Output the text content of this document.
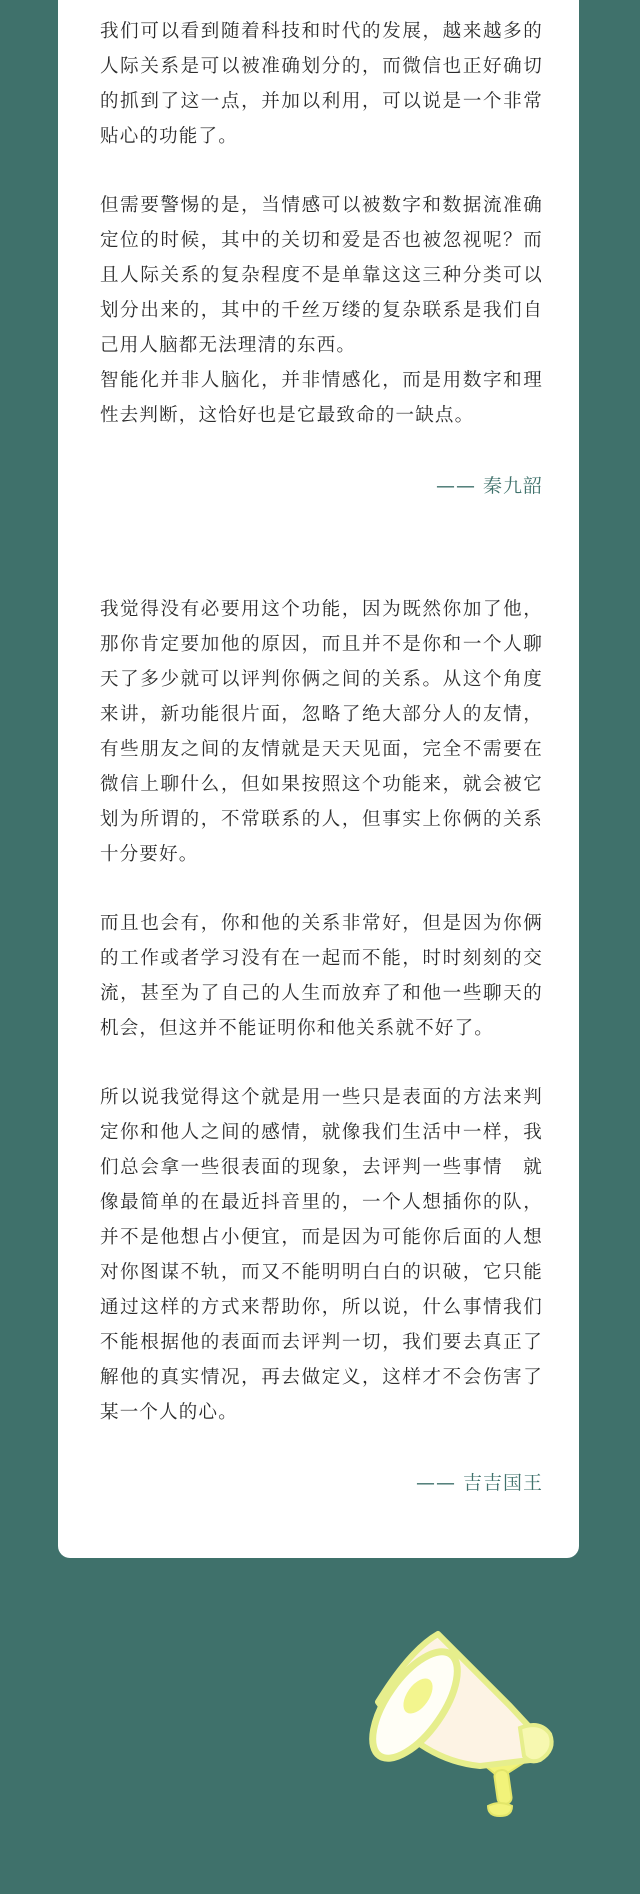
我们可以看到随着科技和时代的发展，越来越多的人际关系是可以被准确划分的，而微信也正好确切的抓到了这一点，并加以利用，可以说是一个非常贴心的功能了。

但需要警惕的是，当情感可以被数字和数据流准确定位的时候，其中的关切和爱是否也被忽视呢？而且人际关系的复杂程度不是单靠这这三种分类可以划分出来的，其中的千丝万缕的复杂联系是我们自己用人脑都无法理清的东西。

智能化并非人脑化，并非情感化，而是用数字和理性去判断，这恰好也是它最致命的一缺点。

—— 秦九韶

我觉得没有必要用这个功能，因为既然你加了他，那你肯定要加他的原因，而且并不是你和一个人聊天了多少就可以评判你俩之间的关系。从这个角度来讲，新功能很片面，忽略了绝大部分人的友情，有些朋友之间的友情就是天天见面，完全不需要在微信上聊什么，但如果按照这个功能来，就会被它划为所谓的，不常联系的人，但事实上你俩的关系十分要好。

而且也会有，你和他的关系非常好，但是因为你俩的工作或者学习没有在一起而不能，时时刻刻的交流，甚至为了自己的人生而放弃了和他一些聊天的机会，但这并不能证明你和他关系就不好了。

所以说我觉得这个就是用一些只是表面的方法来判定你和他人之间的感情，就像我们生活中一样，我们总会拿一些很表面的现象，去评判一些事情　就像最简单的在最近抖音里的，一个人想插你的队，并不是他想占小便宜，而是因为可能你后面的人想对你图谋不轨，而又不能明明白白的识破，它只能通过这样的方式来帮助你，所以说，什么事情我们不能根据他的表面而去评判一切，我们要去真正了解他的真实情况，再去做定义，这样才不会伤害了某一个人的心。

—— 吉吉国王
